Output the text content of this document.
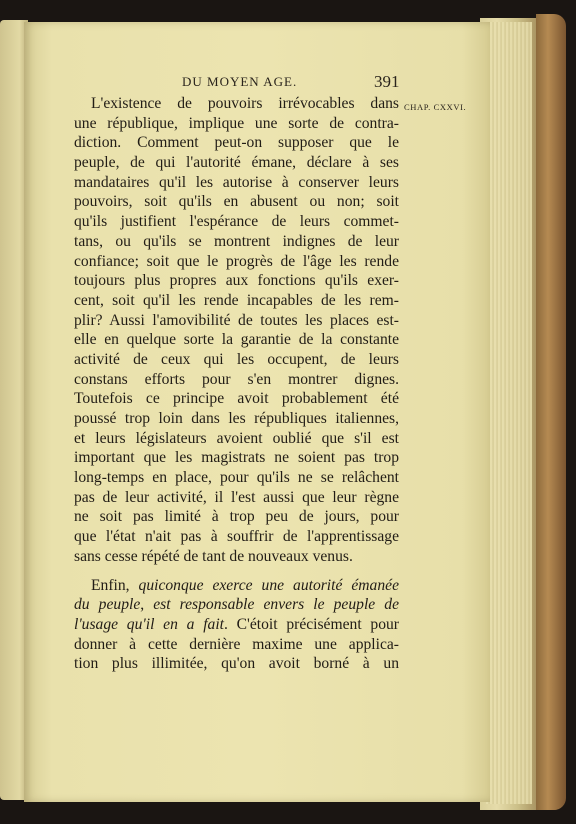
DU MOYEN AGE.	391
CHAP. CXXVI.
L'existence de pouvoirs irrévocables dans
une république, implique une sorte de contra-
diction. Comment peut-on supposer que le
peuple, de qui l'autorité émane, déclare à ses
mandataires qu'il les autorise à conserver leurs
pouvoirs, soit qu'ils en abusent ou non; soit
qu'ils justifient l'espérance de leurs commet-
tans, ou qu'ils se montrent indignes de leur
confiance; soit que le progrès de l'âge les rende
toujours plus propres aux fonctions qu'ils exer-
cent, soit qu'il les rende incapables de les rem-
plir? Aussi l'amovibilité de toutes les places est-
elle en quelque sorte la garantie de la constante
activité de ceux qui les occupent, de leurs
constans efforts pour s'en montrer dignes.
Toutefois ce principe avoit probablement été
poussé trop loin dans les républiques italiennes,
et leurs législateurs avoient oublié que s'il est
important que les magistrats ne soient pas trop
long-temps en place, pour qu'ils ne se relâchent
pas de leur activité, il l'est aussi que leur règne
ne soit pas limité à trop peu de jours, pour
que l'état n'ait pas à souffrir de l'apprentissage
sans cesse répété de tant de nouveaux venus.
Enfin, quiconque exerce une autorité émanée
du peuple, est responsable envers le peuple de
l'usage qu'il en a fait. C'étoit précisément pour
donner à cette dernière maxime une applica-
tion plus illimitée, qu'on avoit borné à un
